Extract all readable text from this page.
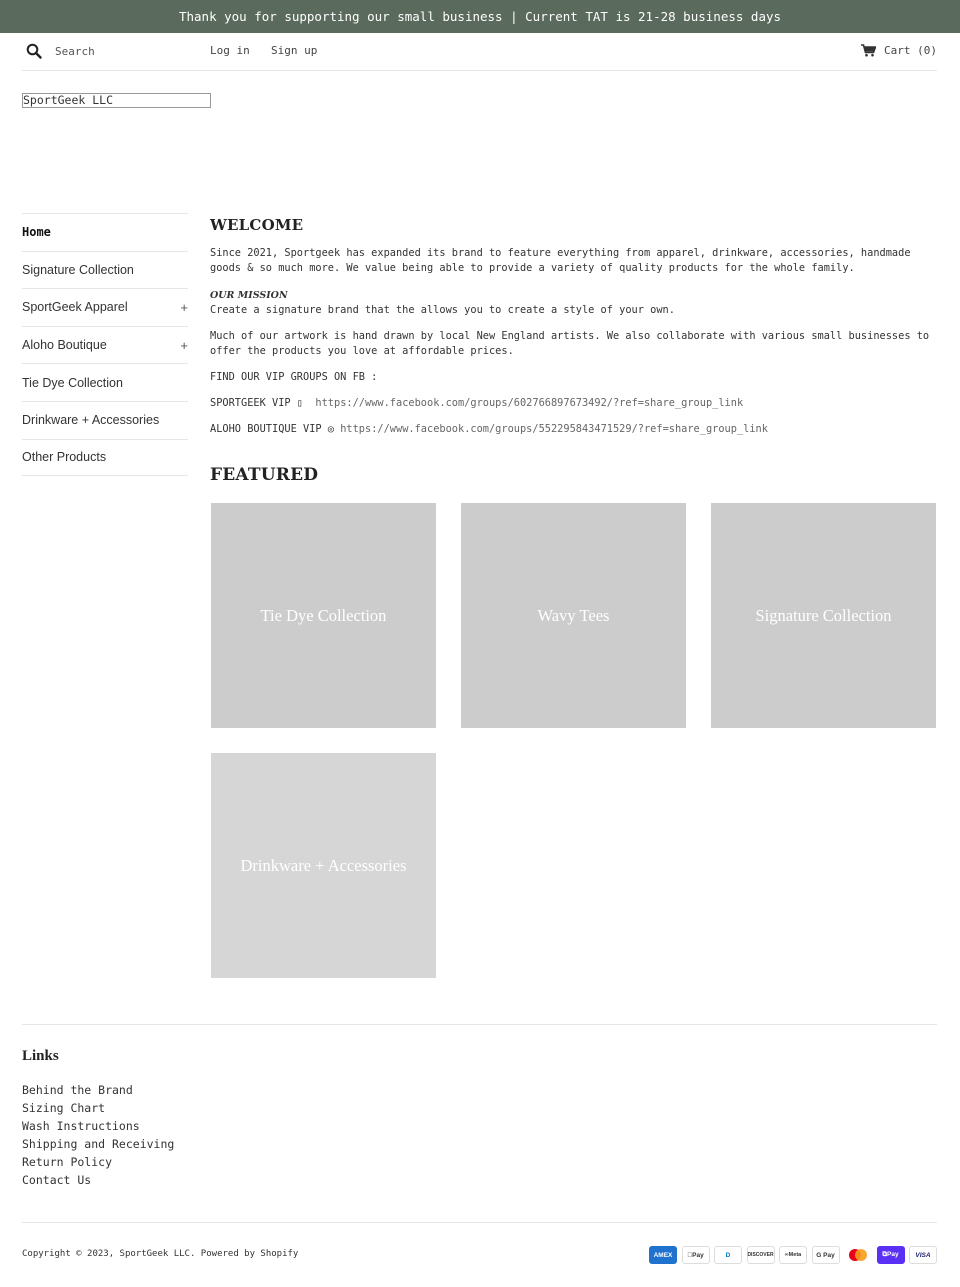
Thank you for supporting our small business | Current TAT is 21-28 business days
Search
Log in Sign up	Cart (0)
SportGeek LLC
Home
Signature Collection
SportGeek Apparel	+
Aloho Boutique	+
Tie Dye Collection
Drinkware + Accessories
Other Products
WELCOME

Since 2021, Sportgeek has expanded its brand to feature everything from apparel, drinkware, accessories, handmade goods & so much more. We value being able to provide a variety of quality products for the whole family.

OUR MISSION

Create a signature brand that the allows you to create a style of your own.

Much of our artwork is hand drawn by local New England artists. We also collaborate with various small businesses to offer the products you love at affordable prices.

FIND OUR VIP GROUPS ON FB :

SPORTGEEK VIP ▯ https://www.facebook.com/groups/602766897673492/?ref=share_group_link

ALOHO BOUTIQUE VIP ◎ https://www.facebook.com/groups/552295843471529/?ref=share_group_link

FEATURED
Tie Dye Collection	Wavy Tees	Signature Collection
Drinkware + Accessories
Links
Behind the Brand
Sizing Chart
Wash Instructions
Shipping and Receiving
Return Policy
Contact Us
Copyright © 2023, SportGeek LLC. Powered by Shopify	AMEX	Pay	D	DISCOVER	∞Meta	G Pay	⧉Pay	VISA
